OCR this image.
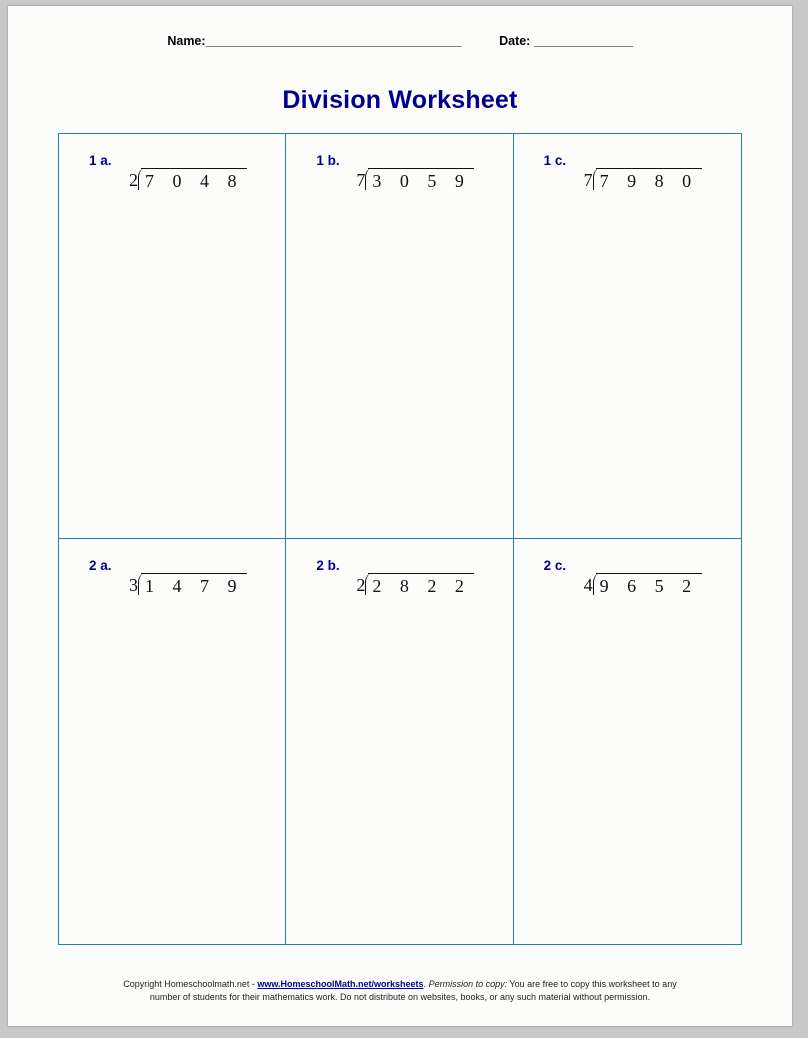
Name: _______________________________________	Date: _______________
Division Worksheet
1 a.
2 7 0 4 8
1 b.
7 3 0 5 9
1 c.
7 7 9 8 0
2 a.
3 1 4 7 9
2 b.
2 2 8 2 2
2 c.
4 9 6 5 2
Copyright Homeschoolmath.net - www.HomeschoolMath.net/worksheets. Permission to copy: You are free to copy this worksheet to any
number of students for their mathematics work. Do not distribute on websites, books, or any such material without permission.
